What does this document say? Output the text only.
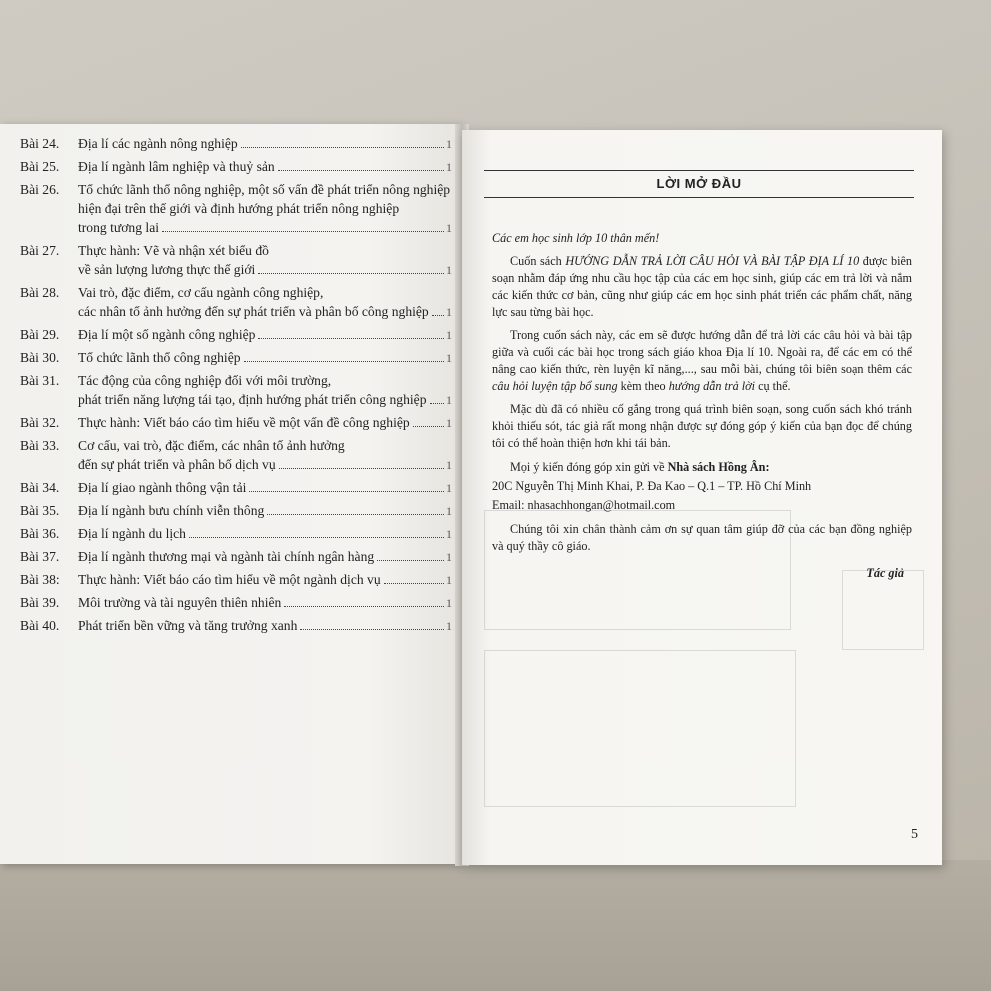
Bài 24.	Địa lí các ngành nông nghiệp	1
Bài 25.	Địa lí ngành lâm nghiệp và thuỷ sản	1
Bài 26.	Tổ chức lãnh thổ nông nghiệp, một số vấn đề phát triển nông nghiệp
hiện đại trên thế giới và định hướng phát triển nông nghiệp
trong tương lai	1
Bài 27.	Thực hành: Vẽ và nhận xét biểu đồ
về sản lượng lương thực thế giới	1
Bài 28.	Vai trò, đặc điểm, cơ cấu ngành công nghiệp,
các nhân tố ảnh hưởng đến sự phát triển và phân bố công nghiệp 1
Bài 29.	Địa lí một số ngành công nghiệp	1
Bài 30.	Tổ chức lãnh thổ công nghiệp	1
Bài 31.	Tác động của công nghiệp đối với môi trường,
phát triển năng lượng tái tạo, định hướng phát triển công nghiệp 1
Bài 32.	Thực hành: Viết báo cáo tìm hiểu về một vấn đề công nghiệp	1
Bài 33.	Cơ cấu, vai trò, đặc điểm, các nhân tố ảnh hưởng
đến sự phát triển và phân bố dịch vụ	1
Bài 34.	Địa lí giao ngành thông vận tải	1
Bài 35.	Địa lí ngành bưu chính viễn thông	1
Bài 36.	Địa lí ngành du lịch	1
Bài 37.	Địa lí ngành thương mại và ngành tài chính ngân hàng	1
Bài 38:	Thực hành: Viết báo cáo tìm hiểu về một ngành dịch vụ	1
Bài 39.	Môi trường và tài nguyên thiên nhiên	1
Bài 40.	Phát triển bền vững và tăng trưởng xanh	1
LỜI MỞ ĐẦU
Các em học sinh lớp 10 thân mến!
Cuốn sách HƯỚNG DẪN TRẢ LỜI CÂU HỎI VÀ BÀI TẬP ĐỊA LÍ 10 được biên soạn nhằm đáp ứng nhu cầu học tập của các em học sinh, giúp các em trả lời và nắm các kiến thức cơ bản, cũng như giúp các em học sinh phát triển các phẩm chất, năng lực sau từng bài học.
Trong cuốn sách này, các em sẽ được hướng dẫn để trả lời các câu hỏi và bài tập giữa và cuối các bài học trong sách giáo khoa Địa lí 10. Ngoài ra, để các em có thể nâng cao kiến thức, rèn luyện kĩ năng,..., sau mỗi bài, chúng tôi biên soạn thêm các câu hỏi luyện tập bổ sung kèm theo hướng dẫn trả lời cụ thể.
Mặc dù đã có nhiều cố gắng trong quá trình biên soạn, song cuốn sách khó tránh khỏi thiếu sót, tác giả rất mong nhận được sự đóng góp ý kiến của bạn đọc để chúng tôi có thể hoàn thiện hơn khi tái bản.
Mọi ý kiến đóng góp xin gửi về Nhà sách Hồng Ân:
20C Nguyễn Thị Minh Khai, P. Đa Kao – Q.1 – TP. Hồ Chí Minh
Email: nhasachhongan@hotmail.com
Chúng tôi xin chân thành cảm ơn sự quan tâm giúp đỡ của các bạn đồng nghiệp và quý thầy cô giáo.
Tác giả
5
